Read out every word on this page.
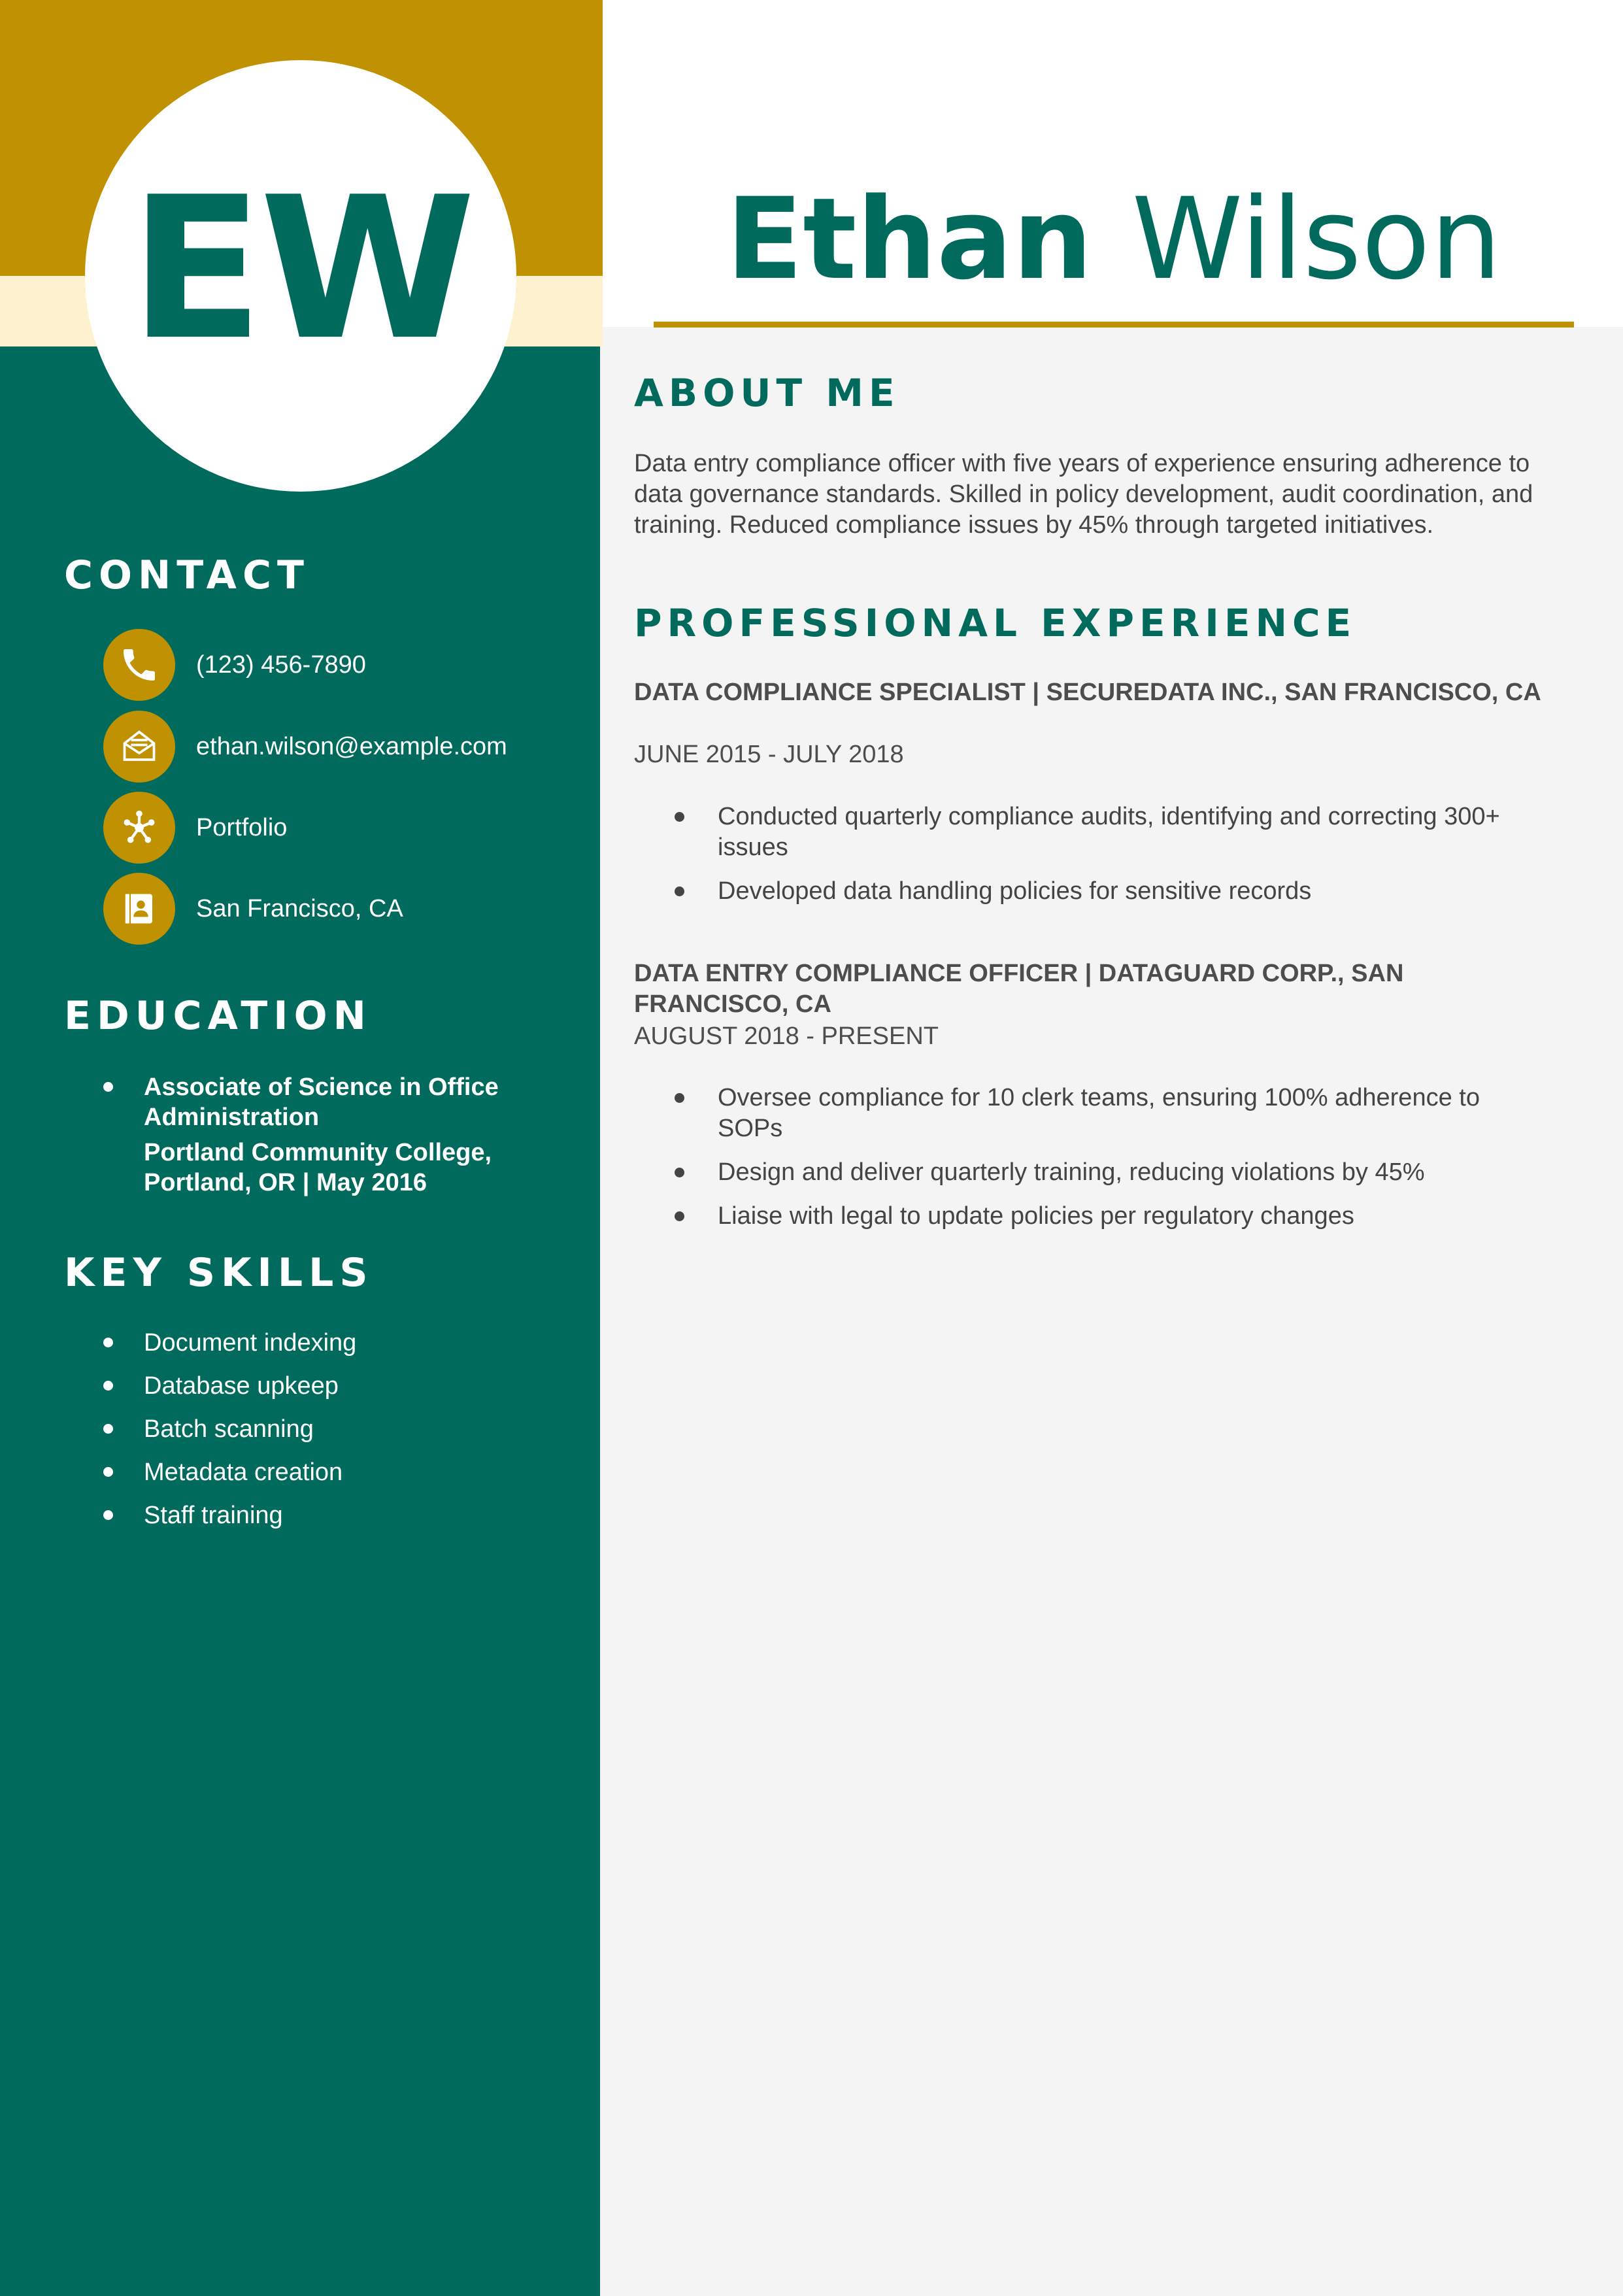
EW	Ethan Wilson
CONTACT
(123) 456-7890
ethan.wilson@example.com
Portfolio
San Francisco, CA
EDUCATION
Associate of Science in Office Administration
Portland Community College, Portland, OR | May 2016
KEY SKILLS
Document indexing
Database upkeep
Batch scanning
Metadata creation
Staff training
ABOUT ME

Data entry compliance officer with five years of experience ensuring adherence to data governance standards. Skilled in policy development, audit coordination, and training. Reduced compliance issues by 45% through targeted initiatives.

PROFESSIONAL EXPERIENCE

DATA COMPLIANCE SPECIALIST | SECUREDATA INC., SAN FRANCISCO, CA

JUNE 2015 - JULY 2018

Conducted quarterly compliance audits, identifying and correcting 300+ issues
Developed data handling policies for sensitive records

DATA ENTRY COMPLIANCE OFFICER | DATAGUARD CORP., SAN FRANCISCO, CA

AUGUST 2018 - PRESENT

Oversee compliance for 10 clerk teams, ensuring 100% adherence to SOPs
Design and deliver quarterly training, reducing violations by 45%
Liaise with legal to update policies per regulatory changes
